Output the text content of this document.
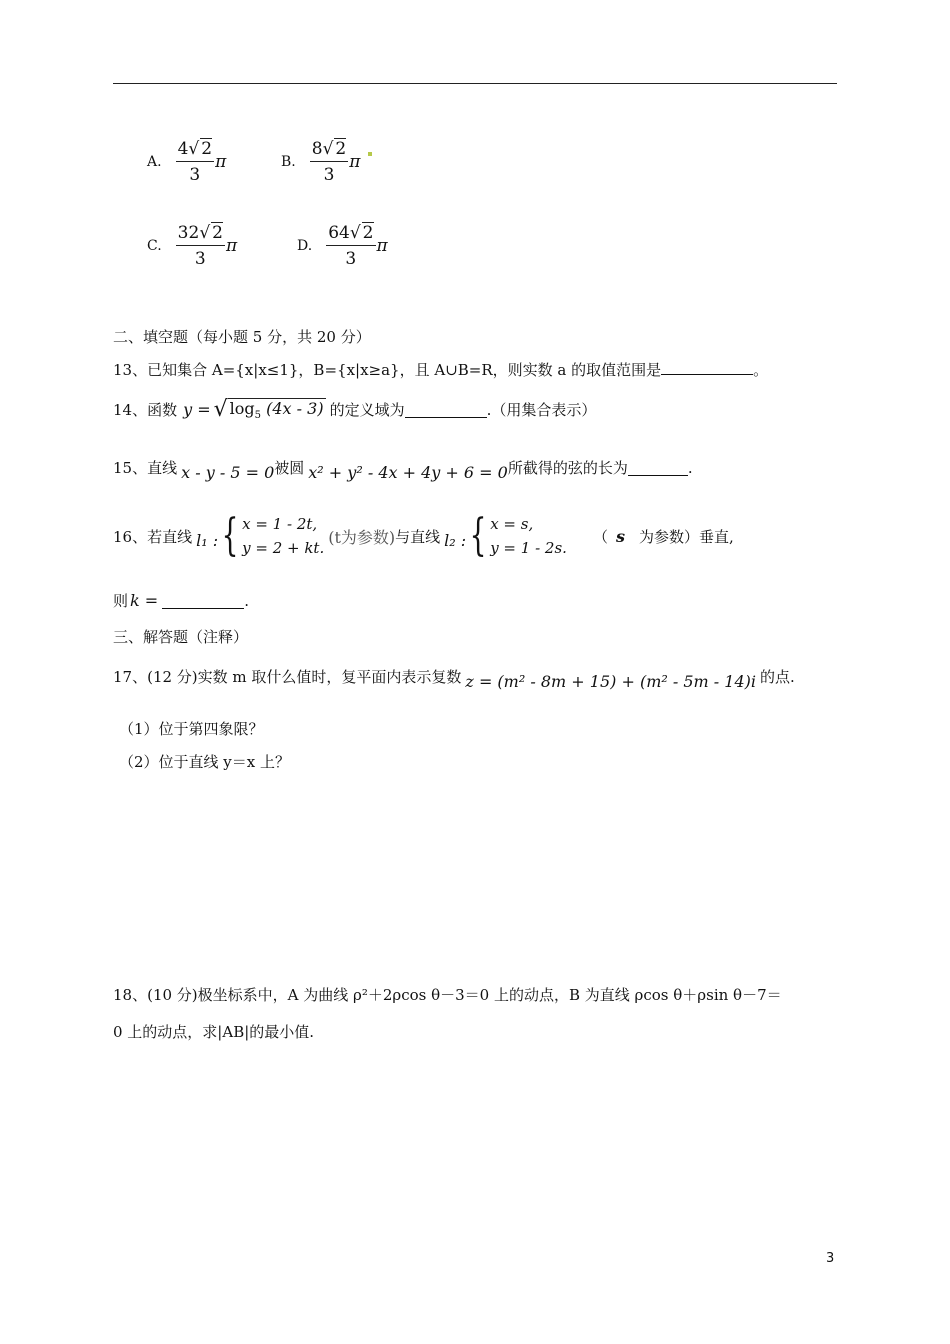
A. $\frac{4√ 2}{3}$ π	B. $\frac{8√ 2}{3}$ π
C. $\frac{32√ 2}{3}$ π	D. $\frac{64√ 2}{3}$ π
二、填空题（每小题 5 分，共 20 分）
13、已知集合 A={x|x≤1}，B={x|x≥a}，且 A∪B=R，则实数 a 的取值范围是	。
14、函数 y = √ $\log_5 (4x - 3)$ 的定义域为	.（用集合表示）
15、直线 x - y - 5 = 0 被圆 x² + y² - 4x + 4y + 6 = 0 所截得的弦的长为	.
16、若直线 l₁ : { x = 1 - 2t,
y = 2 + kt.
(t为参数) 与直线 l₂ : { x = s,
y = 1 - 2s.
（ s 为参数）垂直,
则 k =	.
三、解答题（注释）
17、(12 分)实数 m 取什么值时，复平面内表示复数 z = (m² - 8m + 15) + (m² - 5m - 14)i 的点.
（1）位于第四象限？
（2）位于直线 y＝x 上？
18、(10 分)极坐标系中，A 为曲线 ρ²＋2ρcos θ－3＝0 上的动点，B 为直线 ρcos θ＋ρsin θ－7＝
0 上的动点，求|AB|的最小值.
3
